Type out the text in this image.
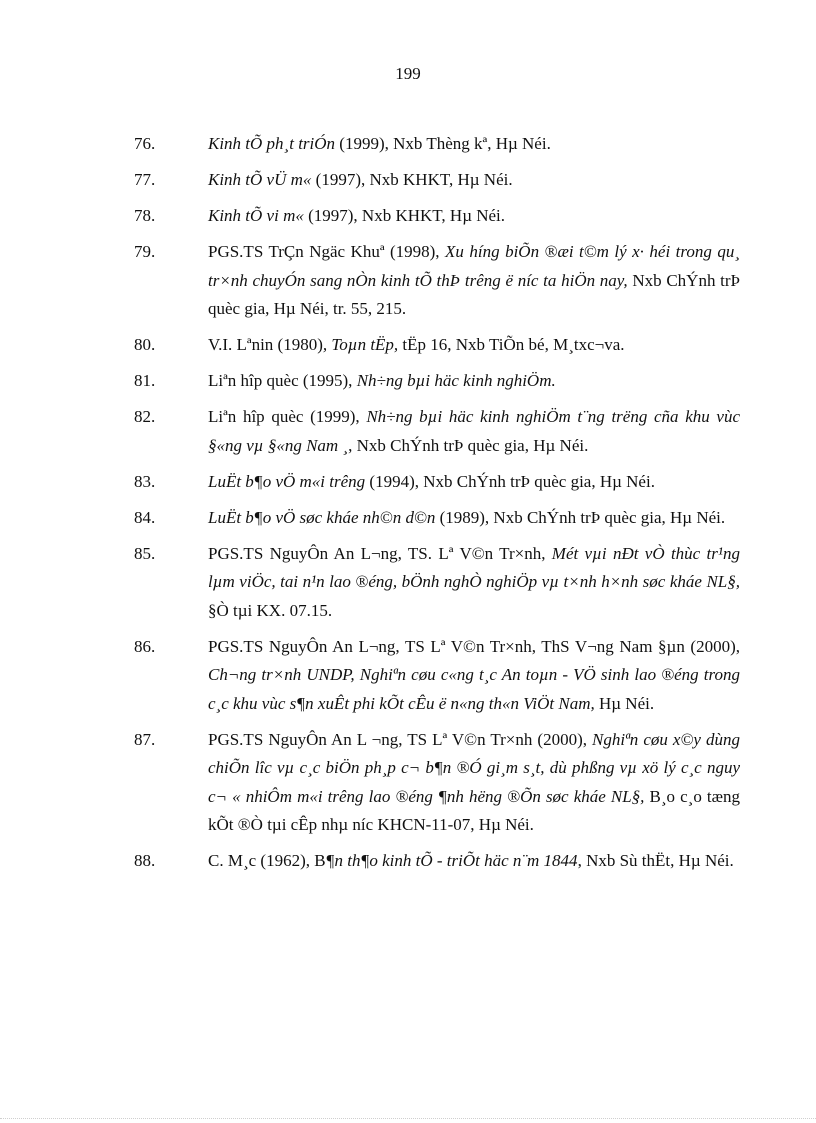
199
76.	Kinh tÕ ph¸t triÓn (1999), Nxb Thèng kª, Hµ Néi.
77.	Kinh tÕ vÜ m« (1997), Nxb KHKT, Hµ Néi.
78.	Kinh tÕ vi m« (1997), Nxb KHKT, Hµ Néi.
79.	PGS.TS TrÇn Ngäc Khuª (1998), Xu híng biÕn ®æi t©m lý x· héi trong qu¸ tr×nh chuyÓn sang nÒn kinh tÕ thÞ trêng ë níc ta hiÖn nay, Nxb ChÝnh trÞ quèc gia, Hµ Néi, tr. 55, 215.
80.	V.I. Lªnin (1980), Toµn tËp, tËp 16, Nxb TiÕn bé, M¸txc¬va.
81.	Liªn hîp quèc (1995), Nh÷ng bµi häc kinh nghiÖm.
82.	Liªn hîp quèc (1999), Nh÷ng bµi häc kinh nghiÖm t¨ng trëng cña khu vùc §«ng vµ §«ng Nam ¸, Nxb ChÝnh trÞ quèc gia, Hµ Néi.
83.	LuËt b¶o vÖ m«i trêng (1994), Nxb ChÝnh trÞ quèc gia, Hµ Néi.
84.	LuËt b¶o vÖ søc kháe nh©n d©n (1989), Nxb ChÝnh trÞ quèc gia, Hµ Néi.
85.	PGS.TS NguyÔn An L¬ng, TS. Lª V©n Tr×nh, Mét vµi nÐt vÒ thùc tr¹ng lµm viÖc, tai n¹n lao ®éng, bÖnh nghÒ nghiÖp vµ t×nh h×nh søc kháe NL§, §Ò tµi KX. 07.15.
86.	PGS.TS NguyÔn An L¬ng, TS Lª V©n Tr×nh, ThS V¬ng Nam §µn (2000), Ch¬ng tr×nh UNDP, Nghiªn cøu c«ng t¸c An toµn - VÖ sinh lao ®éng trong c¸c khu vùc s¶n xuÊt phi kÕt cÊu ë n«ng th«n ViÖt Nam, Hµ Néi.
87.	PGS.TS NguyÔn An L ¬ng, TS Lª V©n Tr×nh (2000), Nghiªn cøu x©y dùng chiÕn lîc vµ c¸c biÖn ph¸p c¬ b¶n ®Ó gi¸m s¸t, dù phßng vµ xö lý c¸c nguy c¬ « nhiÔm m«i trêng lao ®éng ¶nh hëng ®Õn søc kháe NL§, B¸o c¸o tæng kÕt ®Ò tµi cÊp nhµ níc KHCN-11-07, Hµ Néi.
88.	C. M¸c (1962), B¶n th¶o kinh tÕ - triÕt häc n¨m 1844, Nxb Sù thËt, Hµ Néi.
